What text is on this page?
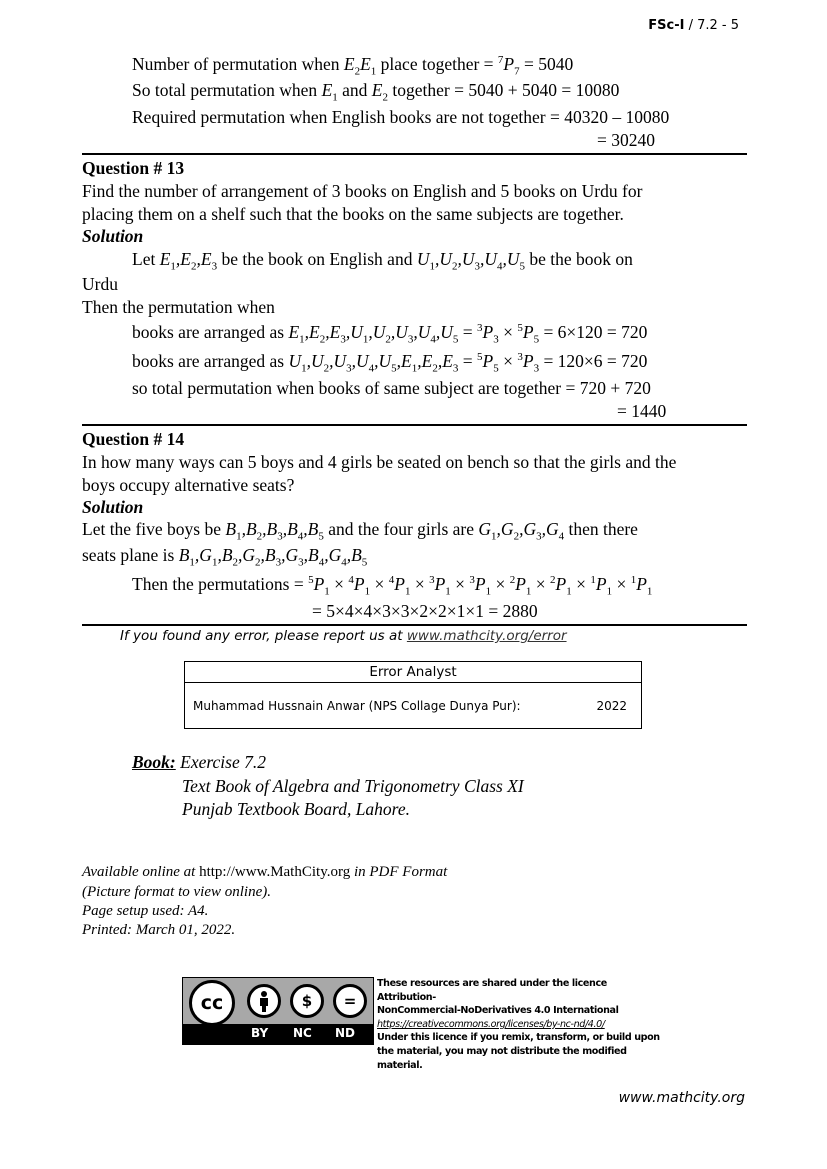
FSc-I / 7.2 - 5
Number of permutation when $E_2E_1$ place together = $^7P_7 = 5040$
So total permutation when $E_1$ and $E_2$ together = 5040 + 5040 = 10080
Required permutation when English books are not together = 40320 – 10080
= 30240
Question # 13
Find the number of arrangement of 3 books on English and 5 books on Urdu for
placing them on a shelf such that the books on the same subjects are together.
Solution
Let $E_1,E_2,E_3$ be the book on English and $U_1,U_2,U_3,U_4,U_5$ be the book on
Urdu
Then the permutation when
books are arranged as $E_1,E_2,E_3,U_1,U_2,U_3,U_4,U_5 = ^3P_3 \times ^5P_5 = 6\times 120 = 720$
books are arranged as $U_1,U_2,U_3,U_4,U_5,E_1,E_2,E_3 = ^5P_5 \times ^3P_3 = 120\times 6 = 720$
so total permutation when books of same subject are together = 720 + 720
= 1440
Question # 14
In how many ways can 5 boys and 4 girls be seated on bench so that the girls and the
boys occupy alternative seats?
Solution
Let the five boys be $B_1,B_2,B_3,B_4,B_5$ and the four girls are $G_1,G_2,G_3,G_4$ then there
seats plane is $B_1,G_1,B_2,G_2,B_3,G_3,B_4,G_4,B_5$
Then the permutations = $^5P_1 \times ^4P_1 \times ^4P_1 \times ^3P_1 \times ^3P_1 \times ^2P_1 \times ^2P_1 \times ^1P_1 \times ^1P_1$
= 5×4×4×3×3×2×2×1×1 = 2880
If you found any error, please report us at www.mathcity.org/error
Error Analyst
Muhammad Hussnain Anwar (NPS Collage Dunya Pur):	2022
Book: Exercise 7.2
Text Book of Algebra and Trigonometry Class XI
Punjab Textbook Board, Lahore.
Available online at http://www.MathCity.org in PDF Format
(Picture format to view online).
Page setup used: A4.
Printed: March 01, 2022.
cc	$	=
BY NC ND
These resources are shared under the licence Attribution-
NonCommercial-NoDerivatives 4.0 International
https://creativecommons.org/licenses/by-nc-nd/4.0/
Under this licence if you remix, transform, or build upon
the material, you may not distribute the modified material.
www.mathcity.org
